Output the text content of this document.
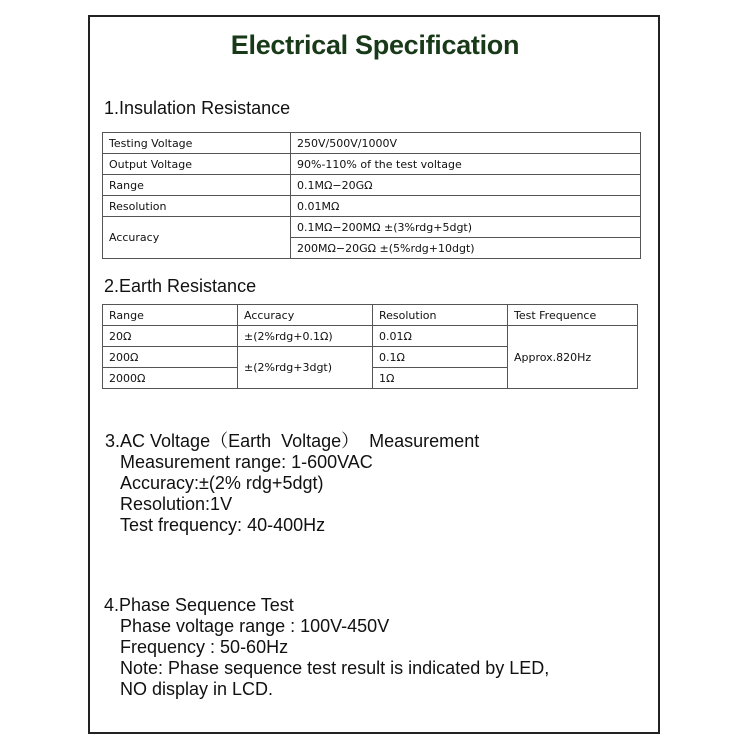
Electrical Specification
1.Insulation Resistance
Testing Voltage	250V/500V/1000V
Output Voltage	90%-110% of the test voltage
Range	0.1MΩ−20GΩ
Resolution	0.01MΩ
Accuracy	0.1MΩ−200MΩ ±(3%rdg+5dgt)
	200MΩ−20GΩ ±(5%rdg+10dgt)
2.Earth Resistance
Range	Accuracy	Resolution	Test Frequence
20Ω	±(2%rdg+0.1Ω)	0.01Ω	Approx.820Hz
200Ω	±(2%rdg+3dgt)	0.1Ω	
2000Ω		1Ω	
3.AC Voltage（Earth  Voltage）  Measurement
Measurement range: 1-600VAC
Accuracy:±(2% rdg+5dgt)
Resolution:1V
Test frequency: 40-400Hz
4.Phase Sequence Test
Phase voltage range : 100V-450V
Frequency : 50-60Hz
Note: Phase sequence test result is indicated by LED,
NO display in LCD.
